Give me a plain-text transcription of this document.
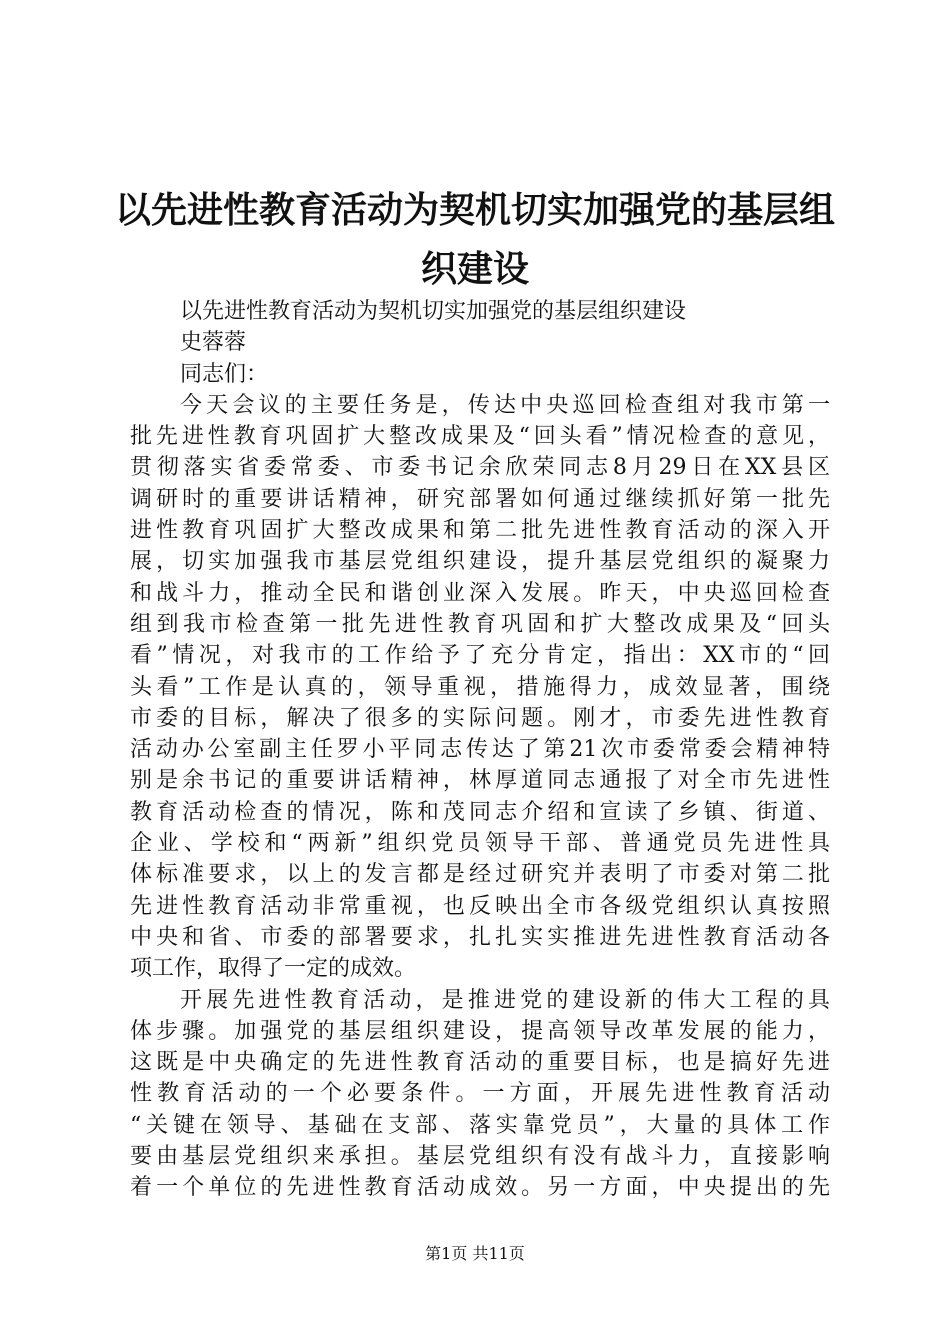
以先进性教育活动为契机切实加强党的基层组
织建设
以先进性教育活动为契机切实加强党的基层组织建设
史蓉蓉
同志们：
今天会议的主要任务是，传达中央巡回检查组对我市第一
批先进性教育巩固扩大整改成果及“回头看”情况检查的意见，
贯彻落实省委常委、市委书记余欣荣同志8月29日在XX县区
调研时的重要讲话精神，研究部署如何通过继续抓好第一批先
进性教育巩固扩大整改成果和第二批先进性教育活动的深入开
展，切实加强我市基层党组织建设，提升基层党组织的凝聚力
和战斗力，推动全民和谐创业深入发展。昨天，中央巡回检查
组到我市检查第一批先进性教育巩固和扩大整改成果及“回头
看”情况，对我市的工作给予了充分肯定，指出：XX市的“回
头看”工作是认真的，领导重视，措施得力，成效显著，围绕
市委的目标，解决了很多的实际问题。刚才，市委先进性教育
活动办公室副主任罗小平同志传达了第21次市委常委会精神特
别是余书记的重要讲话精神，林厚道同志通报了对全市先进性
教育活动检查的情况，陈和茂同志介绍和宣读了乡镇、街道、
企业、学校和“两新”组织党员领导干部、普通党员先进性具
体标准要求，以上的发言都是经过研究并表明了市委对第二批
先进性教育活动非常重视，也反映出全市各级党组织认真按照
中央和省、市委的部署要求，扎扎实实推进先进性教育活动各
项工作，取得了一定的成效。
开展先进性教育活动，是推进党的建设新的伟大工程的具
体步骤。加强党的基层组织建设，提高领导改革发展的能力，
这既是中央确定的先进性教育活动的重要目标，也是搞好先进
性教育活动的一个必要条件。一方面，开展先进性教育活动
“关键在领导、基础在支部、落实靠党员”，大量的具体工作
要由基层党组织来承担。基层党组织有没有战斗力，直接影响
着一个单位的先进性教育活动成效。另一方面，中央提出的先
第1页 共11页
